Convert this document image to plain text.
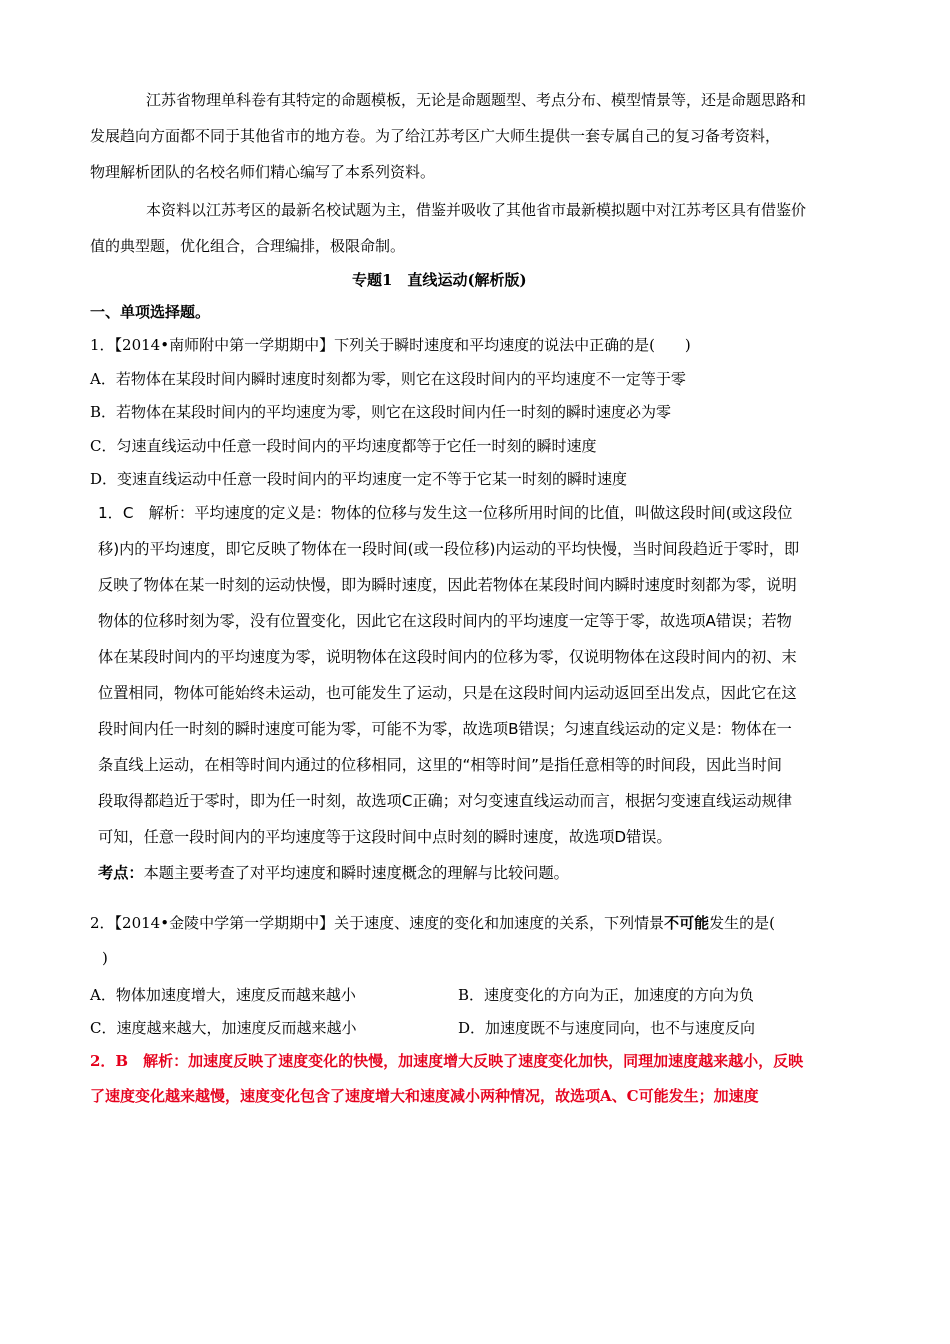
江苏省物理单科卷有其特定的命题模板，无论是命题题型、考点分布、模型情景等，还是命题思路和
发展趋向方面都不同于其他省市的地方卷。为了给江苏考区广大师生提供一套专属自己的复习备考资料，
物理解析团队的名校名师们精心编写了本系列资料。
本资料以江苏考区的最新名校试题为主，借鉴并吸收了其他省市最新模拟题中对江苏考区具有借鉴价
值的典型题，优化组合，合理编排，极限命制。
专题1　直线运动(解析版)
一、单项选择题。
1．【2014•南师附中第一学期期中】下列关于瞬时速度和平均速度的说法中正确的是(　　)
A．若物体在某段时间内瞬时速度时刻都为零，则它在这段时间内的平均速度不一定等于零
B．若物体在某段时间内的平均速度为零，则它在这段时间内任一时刻的瞬时速度必为零
C．匀速直线运动中任意一段时间内的平均速度都等于它任一时刻的瞬时速度
D．变速直线运动中任意一段时间内的平均速度一定不等于它某一时刻的瞬时速度
1．C　解析：平均速度的定义是：物体的位移与发生这一位移所用时间的比值，叫做这段时间(或这段位
移)内的平均速度，即它反映了物体在一段时间(或一段位移)内运动的平均快慢，当时间段趋近于零时，即
反映了物体在某一时刻的运动快慢，即为瞬时速度，因此若物体在某段时间内瞬时速度时刻都为零，说明
物体的位移时刻为零，没有位置变化，因此它在这段时间内的平均速度一定等于零，故选项A错误；若物
体在某段时间内的平均速度为零，说明物体在这段时间内的位移为零，仅说明物体在这段时间内的初、末
位置相同，物体可能始终未运动，也可能发生了运动，只是在这段时间内运动返回至出发点，因此它在这
段时间内任一时刻的瞬时速度可能为零，可能不为零，故选项B错误；匀速直线运动的定义是：物体在一
条直线上运动，在相等时间内通过的位移相同，这里的“相等时间”是指任意相等的时间段，因此当时间
段取得都趋近于零时，即为任一时刻，故选项C正确；对匀变速直线运动而言，根据匀变速直线运动规律
可知，任意一段时间内的平均速度等于这段时间中点时刻的瞬时速度，故选项D错误。
考点：本题主要考查了对平均速度和瞬时速度概念的理解与比较问题。
2．【2014•金陵中学第一学期期中】关于速度、速度的变化和加速度的关系，下列情景不可能发生的是(
)
A．物体加速度增大，速度反而越来越小	B．速度变化的方向为正，加速度的方向为负
C．速度越来越大，加速度反而越来越小	D．加速度既不与速度同向，也不与速度反向
2．B　解析：加速度反映了速度变化的快慢，加速度增大反映了速度变化加快，同理加速度越来越小，反映
了速度变化越来越慢，速度变化包含了速度增大和速度减小两种情况，故选项A、C可能发生；加速度
